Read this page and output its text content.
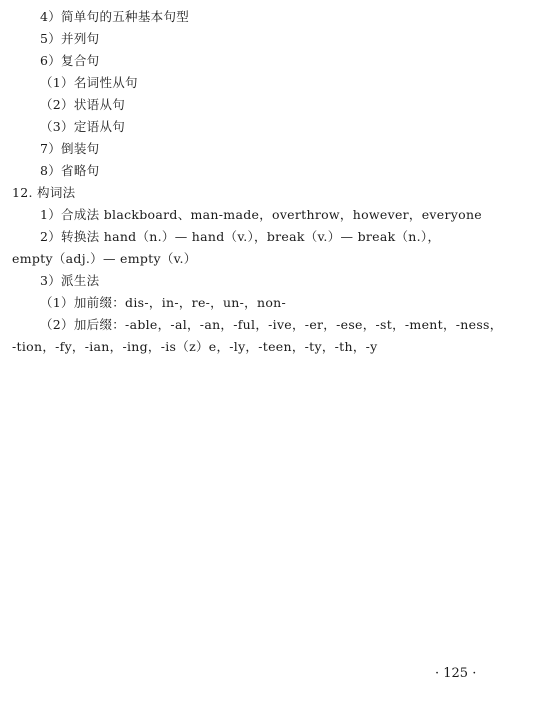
4）简单句的五种基本句型
5）并列句
6）复合句
（1）名词性从句
（2）状语从句
（3）定语从句
7）倒装句
8）省略句
12. 构词法
1）合成法 blackboard、man-made，overthrow，however，everyone
2）转换法 hand（n.）— hand（v.），break（v.）— break（n.），
empty（adj.）— empty（v.）
3）派生法
（1）加前缀：dis-，in-，re-，un-，non-
（2）加后缀：-able，-al，-an，-ful，-ive，-er，-ese，-st，-ment，-ness，
-tion，-fy，-ian，-ing，-is（z）e，-ly，-teen，-ty，-th，-y
· 125 ·
